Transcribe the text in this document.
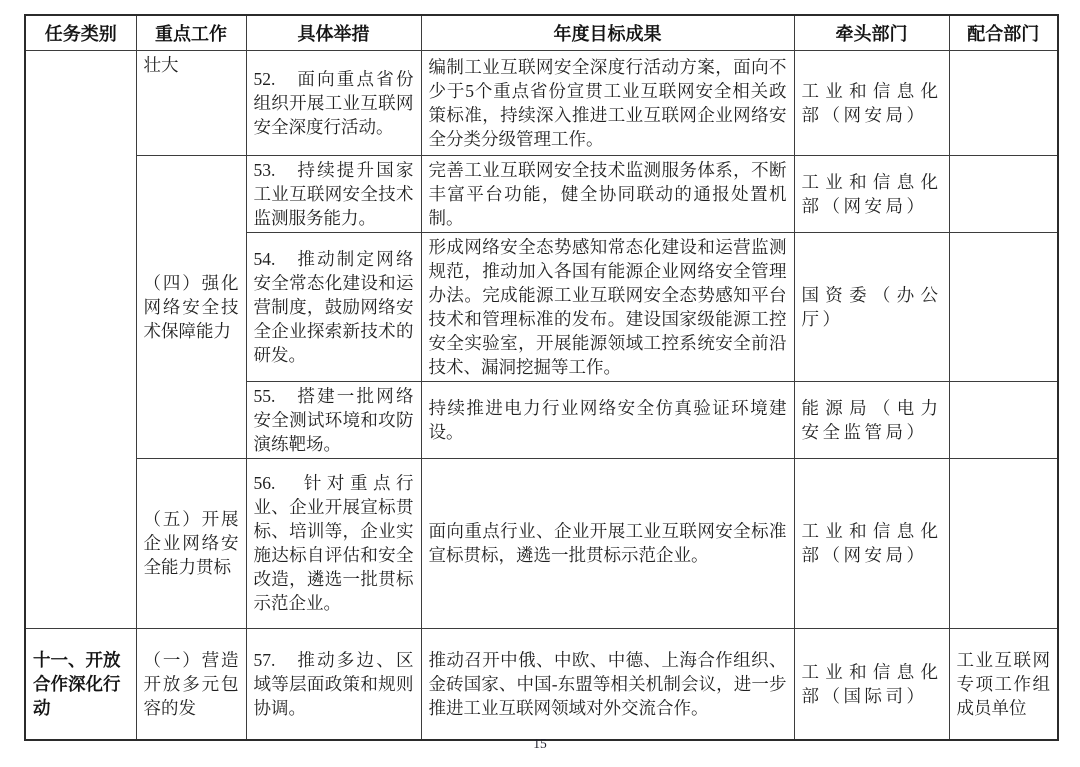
任务类别	重点工作	具体举措	年度目标成果	牵头部门	配合部门
	壮大	52.　面向重点省份组织开展工业互联网安全深度行活动。	编制工业互联网安全深度行活动方案，面向不少于5个重点省份宣贯工业互联网安全相关政策标准，持续深入推进工业互联网企业网络安全分类分级管理工作。	工业和信息化部（网安局）	
	（四）强化网络安全技术保障能力	53.　持续提升国家工业互联网安全技术监测服务能力。	完善工业互联网安全技术监测服务体系，不断丰富平台功能，健全协同联动的通报处置机制。	工业和信息化部（网安局）	
		54.　推动制定网络安全常态化建设和运营制度，鼓励网络安全企业探索新技术的研发。	形成网络安全态势感知常态化建设和运营监测规范，推动加入各国有能源企业网络安全管理办法。完成能源工业互联网安全态势感知平台技术和管理标准的发布。建设国家级能源工控安全实验室，开展能源领域工控系统安全前沿技术、漏洞挖掘等工作。	国资委（办公厅）	
		55.　搭建一批网络安全测试环境和攻防演练靶场。	持续推进电力行业网络安全仿真验证环境建设。	能源局（电力安全监管局）	
	（五）开展企业网络安全能力贯标	56.　针对重点行业、企业开展宣标贯标、培训等，企业实施达标自评估和安全改造，遴选一批贯标示范企业。	面向重点行业、企业开展工业互联网安全标准宣标贯标，遴选一批贯标示范企业。	工业和信息化部（网安局）	
十一、开放合作深化行动	（一）营造开放多元包容的发	57.　推动多边、区域等层面政策和规则协调。	推动召开中俄、中欧、中德、上海合作组织、金砖国家、中国-东盟等相关机制会议，进一步推进工业互联网领域对外交流合作。	工业和信息化部（国际司）	工业互联网专项工作组成员单位
15
